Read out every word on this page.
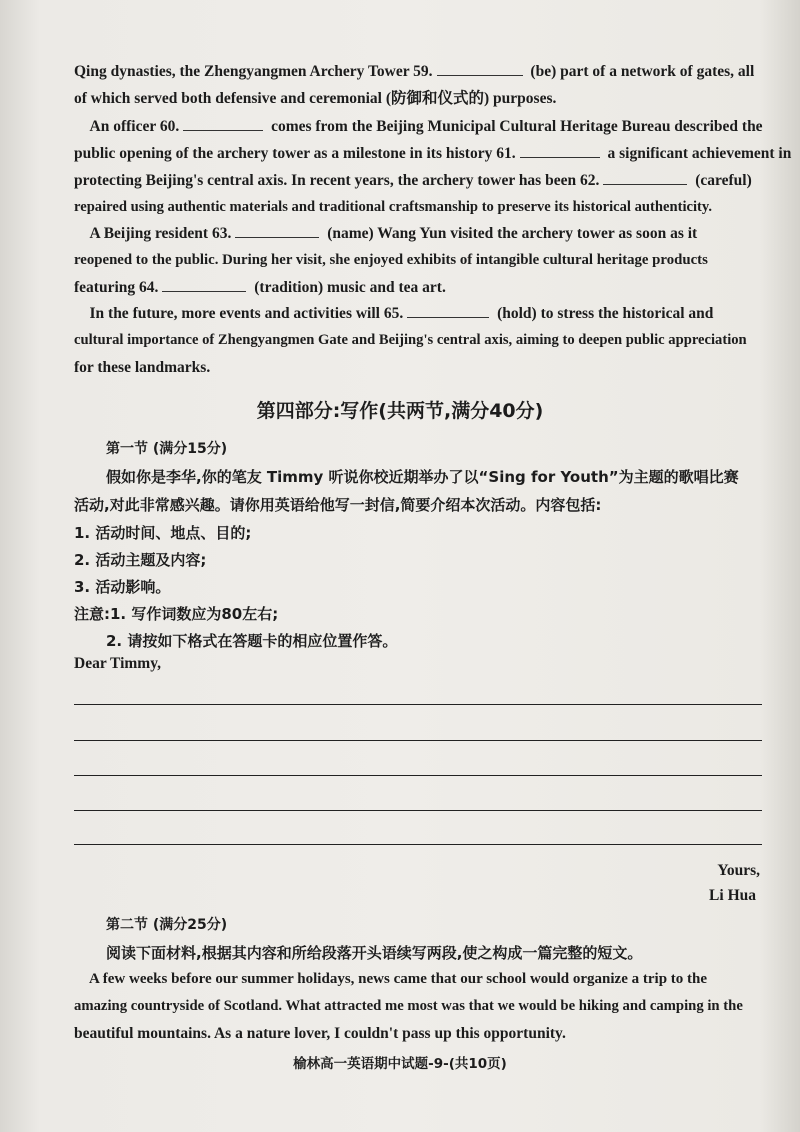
Qing dynasties, the Zhengyangmen Archery Tower 59.	(be) part of a network of gates, all
of which served both defensive and ceremonial (防御和仪式的) purposes.
An officer 60.	comes from the Beijing Municipal Cultural Heritage Bureau described the
public opening of the archery tower as a milestone in its history 61.	a significant achievement in
protecting Beijing's central axis. In recent years, the archery tower has been 62.	(careful)
repaired using authentic materials and traditional craftsmanship to preserve its historical authenticity.
A Beijing resident 63.	(name) Wang Yun visited the archery tower as soon as it
reopened to the public. During her visit, she enjoyed exhibits of intangible cultural heritage products
featuring 64.	(tradition) music and tea art.
In the future, more events and activities will 65.	(hold) to stress the historical and
cultural importance of Zhengyangmen Gate and Beijing's central axis, aiming to deepen public appreciation
for these landmarks.
第四部分:写作(共两节,满分40分)
第一节 (满分15分)
假如你是李华,你的笔友 Timmy 听说你校近期举办了以“Sing for Youth”为主题的歌唱比赛
活动,对此非常感兴趣。请你用英语给他写一封信,简要介绍本次活动。内容包括:
1. 活动时间、地点、目的;
2. 活动主题及内容;
3. 活动影响。
注意:1. 写作词数应为80左右;
2. 请按如下格式在答题卡的相应位置作答。
Dear Timmy,
Yours,
Li Hua
第二节 (满分25分)
阅读下面材料,根据其内容和所给段落开头语续写两段,使之构成一篇完整的短文。
A few weeks before our summer holidays, news came that our school would organize a trip to the
amazing countryside of Scotland. What attracted me most was that we would be hiking and camping in the
beautiful mountains. As a nature lover, I couldn't pass up this opportunity.
榆林高一英语期中试题-9-(共10页)
